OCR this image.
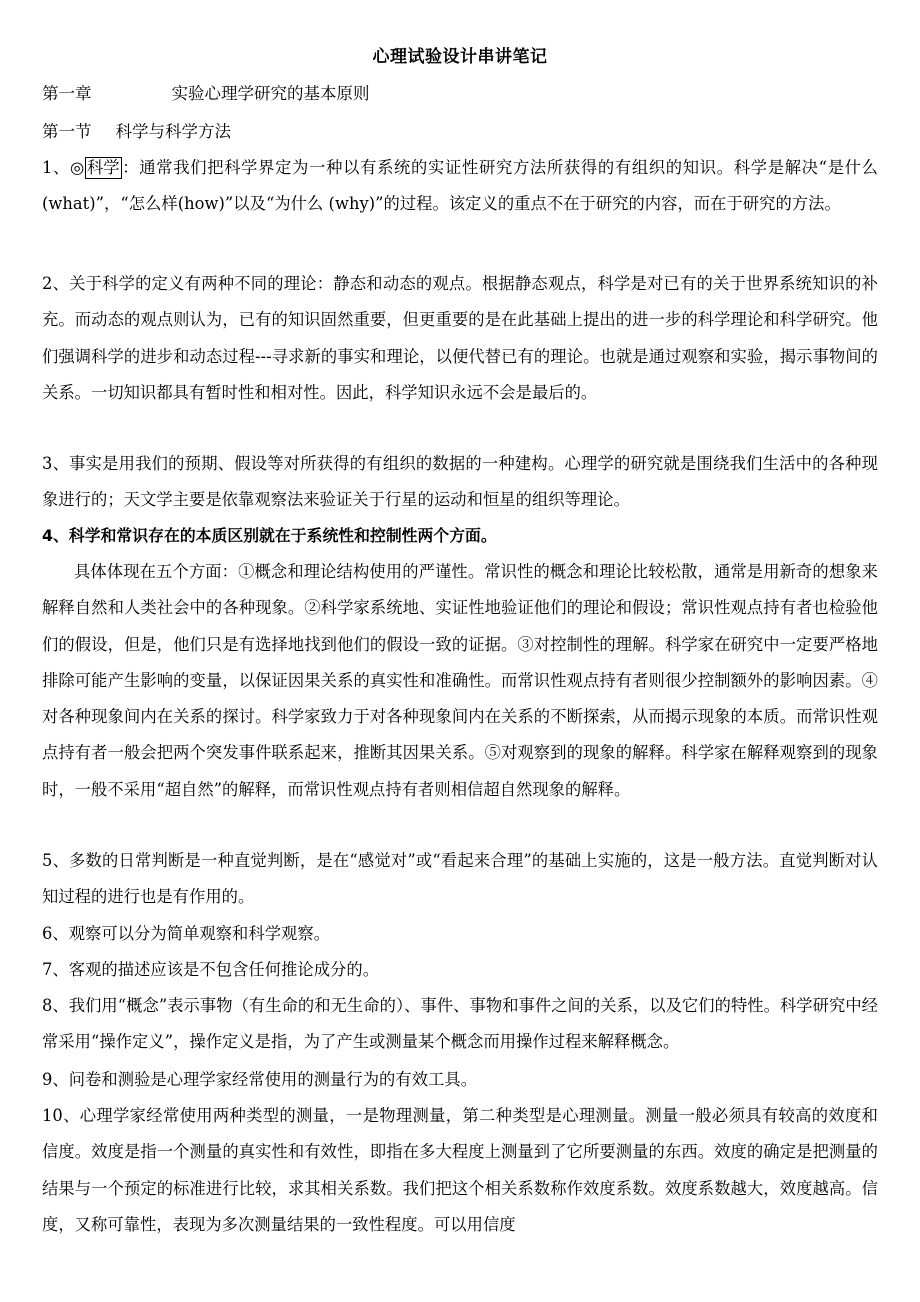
心理试验设计串讲笔记
第一章	实验心理学研究的基本原则
第一节 科学与科学方法
1、◎ 科学 ：通常我们把科学界定为一种以有系统的实证性研究方法所获得的有组织的知识。科学是解决“是什么(what)”，“怎么样(how)”以及“为什么 (why)”的过程。该定义的重点不在于研究的内容，而在于研究的方法。
2、关于科学的定义有两种不同的理论：静态和动态的观点。根据静态观点，科学是对已有的关于世界系统知识的补充。而动态的观点则认为，已有的知识固然重要，但更重要的是在此基础上提出的进一步的科学理论和科学研究。他们强调科学的进步和动态过程---寻求新的事实和理论，以便代替已有的理论。也就是通过观察和实验，揭示事物间的关系。一切知识都具有暂时性和相对性。因此，科学知识永远不会是最后的。
3、事实是用我们的预期、假设等对所获得的有组织的数据的一种建构。心理学的研究就是围绕我们生活中的各种现象进行的；天文学主要是依靠观察法来验证关于行星的运动和恒星的组织等理论。
4、科学和常识存在的本质区别就在于系统性和控制性两个方面。
具体体现在五个方面：①概念和理论结构使用的严谨性。常识性的概念和理论比较松散，通常是用新奇的想象来解释自然和人类社会中的各种现象。②科学家系统地、实证性地验证他们的理论和假设；常识性观点持有者也检验他们的假设，但是，他们只是有选择地找到他们的假设一致的证据。③对控制性的理解。科学家在研究中一定要严格地排除可能产生影响的变量，以保证因果关系的真实性和准确性。而常识性观点持有者则很少控制额外的影响因素。④对各种现象间内在关系的探讨。科学家致力于对各种现象间内在关系的不断探索，从而揭示现象的本质。而常识性观点持有者一般会把两个突发事件联系起来，推断其因果关系。⑤对观察到的现象的解释。科学家在解释观察到的现象时，一般不采用“超自然”的解释，而常识性观点持有者则相信超自然现象的解释。
5、多数的日常判断是一种直觉判断，是在“感觉对”或“看起来合理”的基础上实施的，这是一般方法。直觉判断对认知过程的进行也是有作用的。
6、观察可以分为简单观察和科学观察。
7、客观的描述应该是不包含任何推论成分的。
8、我们用“概念”表示事物（有生命的和无生命的）、事件、事物和事件之间的关系，以及它们的特性。科学研究中经常采用“操作定义”，操作定义是指，为了产生或测量某个概念而用操作过程来解释概念。
9、问卷和测验是心理学家经常使用的测量行为的有效工具。
10、心理学家经常使用两种类型的测量，一是物理测量，第二种类型是心理测量。测量一般必须具有较高的效度和信度。效度是指一个测量的真实性和有效性，即指在多大程度上测量到了它所要测量的东西。效度的确定是把测量的结果与一个预定的标准进行比较，求其相关系数。我们把这个相关系数称作效度系数。效度系数越大，效度越高。信度，又称可靠性，表现为多次测量结果的一致性程度。可以用信度
